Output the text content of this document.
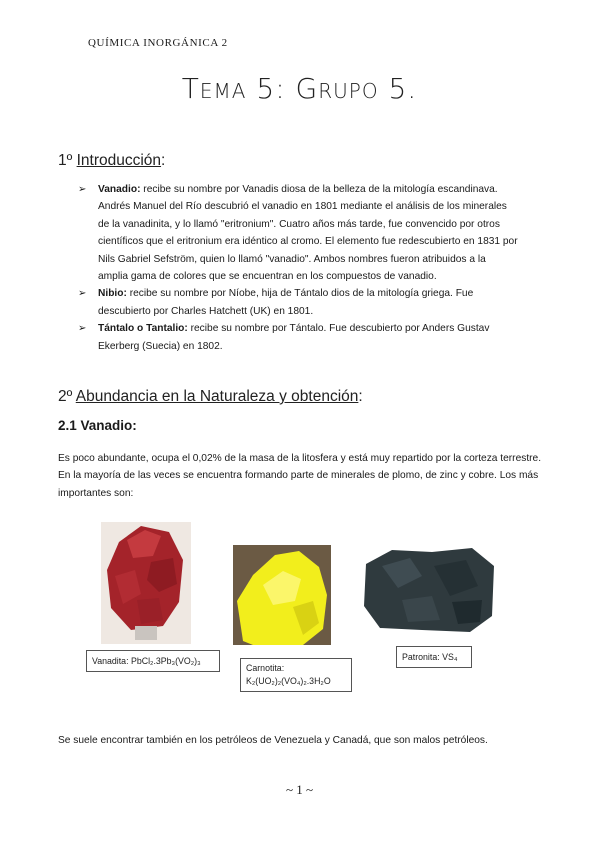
QUÍMICA INORGÁNICA 2
Tema 5: Grupo 5.
1º Introducción:

➢ Vanadio: recibe su nombre por Vanadis diosa de la belleza de la mitología escandinava. Andrés Manuel del Río descubrió el vanadio en 1801 mediante el análisis de los minerales de la vanadinita, y lo llamó "eritronium". Cuatro años más tarde, fue convencido por otros científicos que el eritronium era idéntico al cromo. El elemento fue redescubierto en 1831 por Nils Gabriel Sefström, quien lo llamó "vanadio". Ambos nombres fueron atribuidos a la amplia gama de colores que se encuentran en los compuestos de vanadio.

➢ Nibio: recibe su nombre por Níobe, hija de Tántalo dios de la mitología griega. Fue descubierto por Charles Hatchett (UK) en 1801.

➢ Tántalo o Tantalio: recibe su nombre por Tántalo. Fue descubierto por Anders Gustav Ekerberg (Suecia) en 1802.

2º Abundancia en la Naturaleza y obtención:
2.1 Vanadio:
Es poco abundante, ocupa el 0,02% de la masa de la litosfera y está muy repartido por la corteza terrestre. En la mayoría de las veces se encuentra formando parte de minerales de plomo, de zinc y cobre. Los más importantes son:
Vanadita: PbCl₂.3Pb₃(VO₂)₃
Carnotita:
K₂(UO₂)₂(VO₄)₂.3H₂O
Patronita: VS₄
Se suele encontrar también en los petróleos de Venezuela y Canadá, que son malos petróleos.
~ 1 ~
